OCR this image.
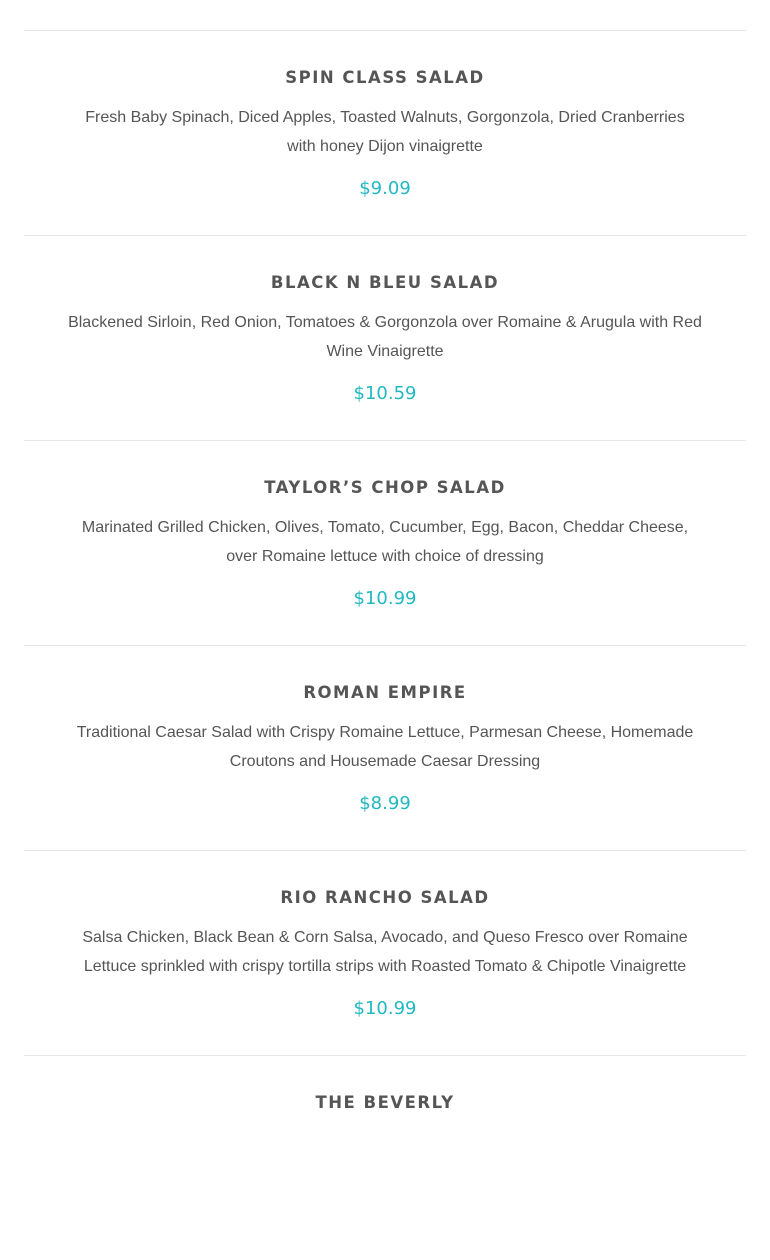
SPIN CLASS SALAD

Fresh Baby Spinach, Diced Apples, Toasted Walnuts, Gorgonzola, Dried Cranberries with honey Dijon vinaigrette

$9.09
BLACK N BLEU SALAD

Blackened Sirloin, Red Onion, Tomatoes & Gorgonzola over Romaine & Arugula with Red Wine Vinaigrette

$10.59
TAYLOR’S CHOP SALAD

Marinated Grilled Chicken, Olives, Tomato, Cucumber, Egg, Bacon, Cheddar Cheese, over Romaine lettuce with choice of dressing

$10.99
ROMAN EMPIRE

Traditional Caesar Salad with Crispy Romaine Lettuce, Parmesan Cheese, Homemade Croutons and Housemade Caesar Dressing

$8.99
RIO RANCHO SALAD

Salsa Chicken, Black Bean & Corn Salsa, Avocado, and Queso Fresco over Romaine Lettuce sprinkled with crispy tortilla strips with Roasted Tomato & Chipotle Vinaigrette

$10.99
THE BEVERLY
